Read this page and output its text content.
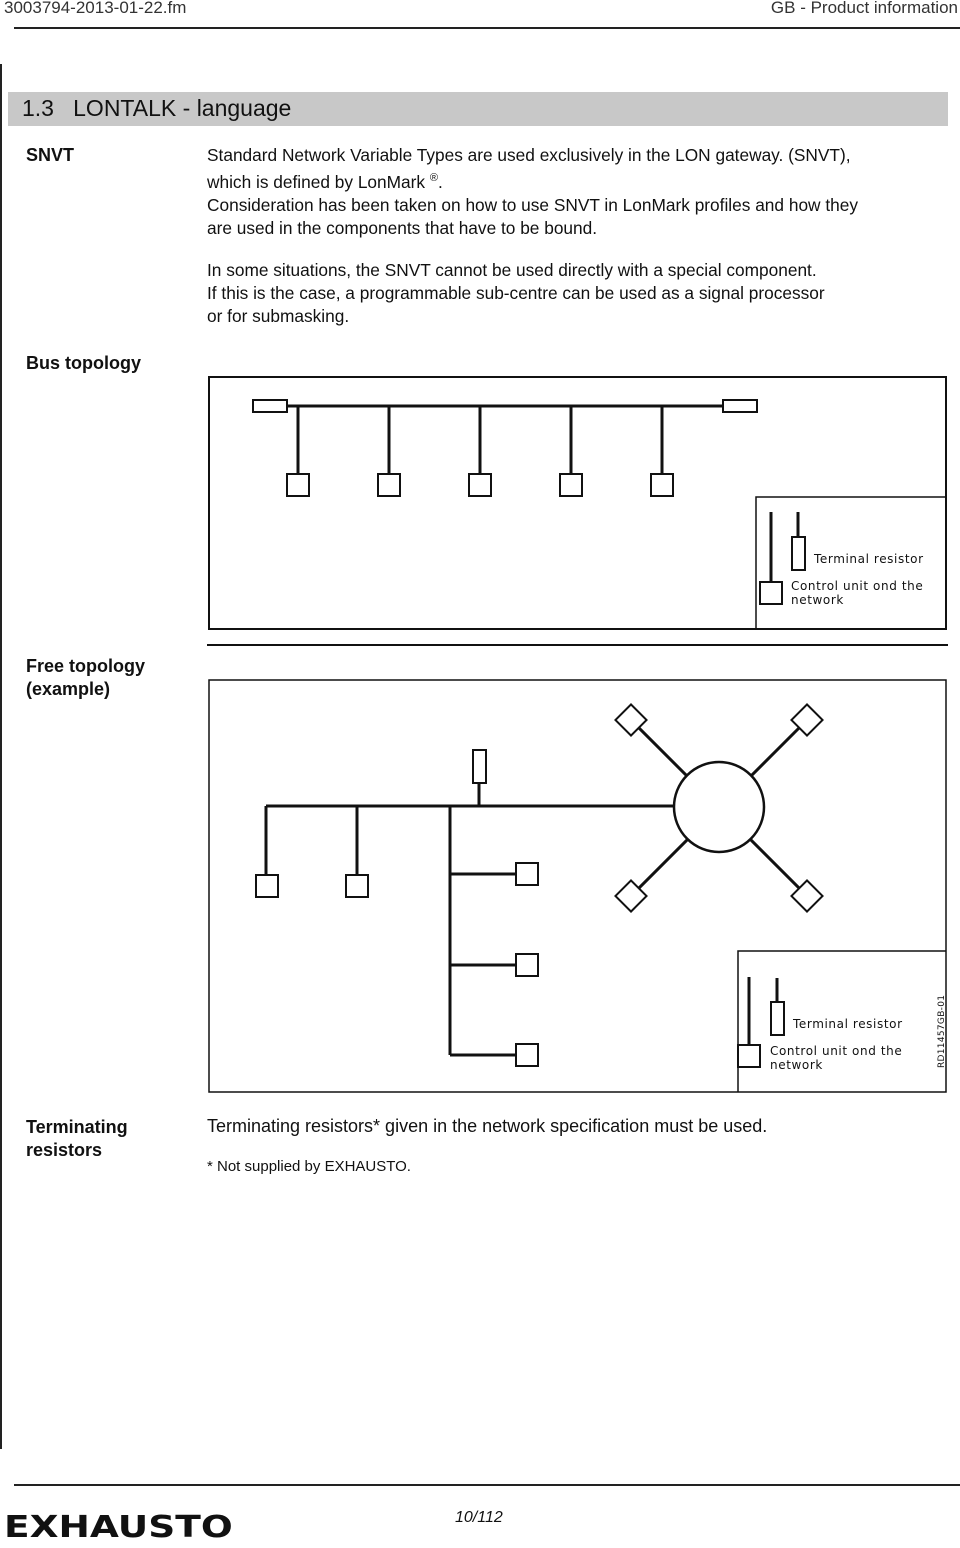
3003794-2013-01-22.fm	GB - Product information
1.3   LONTALK - language
SNVT	Standard Network Variable Types are used exclusively in the LON gateway. (SNVT),
which is defined by LonMark ®.
Consideration has been taken on how to use SNVT in LonMark profiles and how they
are used in the components that have to be bound.
In some situations, the SNVT cannot be used directly with a special component.
If this is the case, a programmable sub-centre can be used as a signal processor
or for submasking.
Bus topology
Terminal resistor
Control unit ond the
network
Terminal resistor
Control unit ond the
network	RD11457GB-01
Free topology
(example)
Terminating
resistors
Terminating resistors* given in the network specification must be used.
* Not supplied by EXHAUSTO.
EXHAUSTO	10/112
